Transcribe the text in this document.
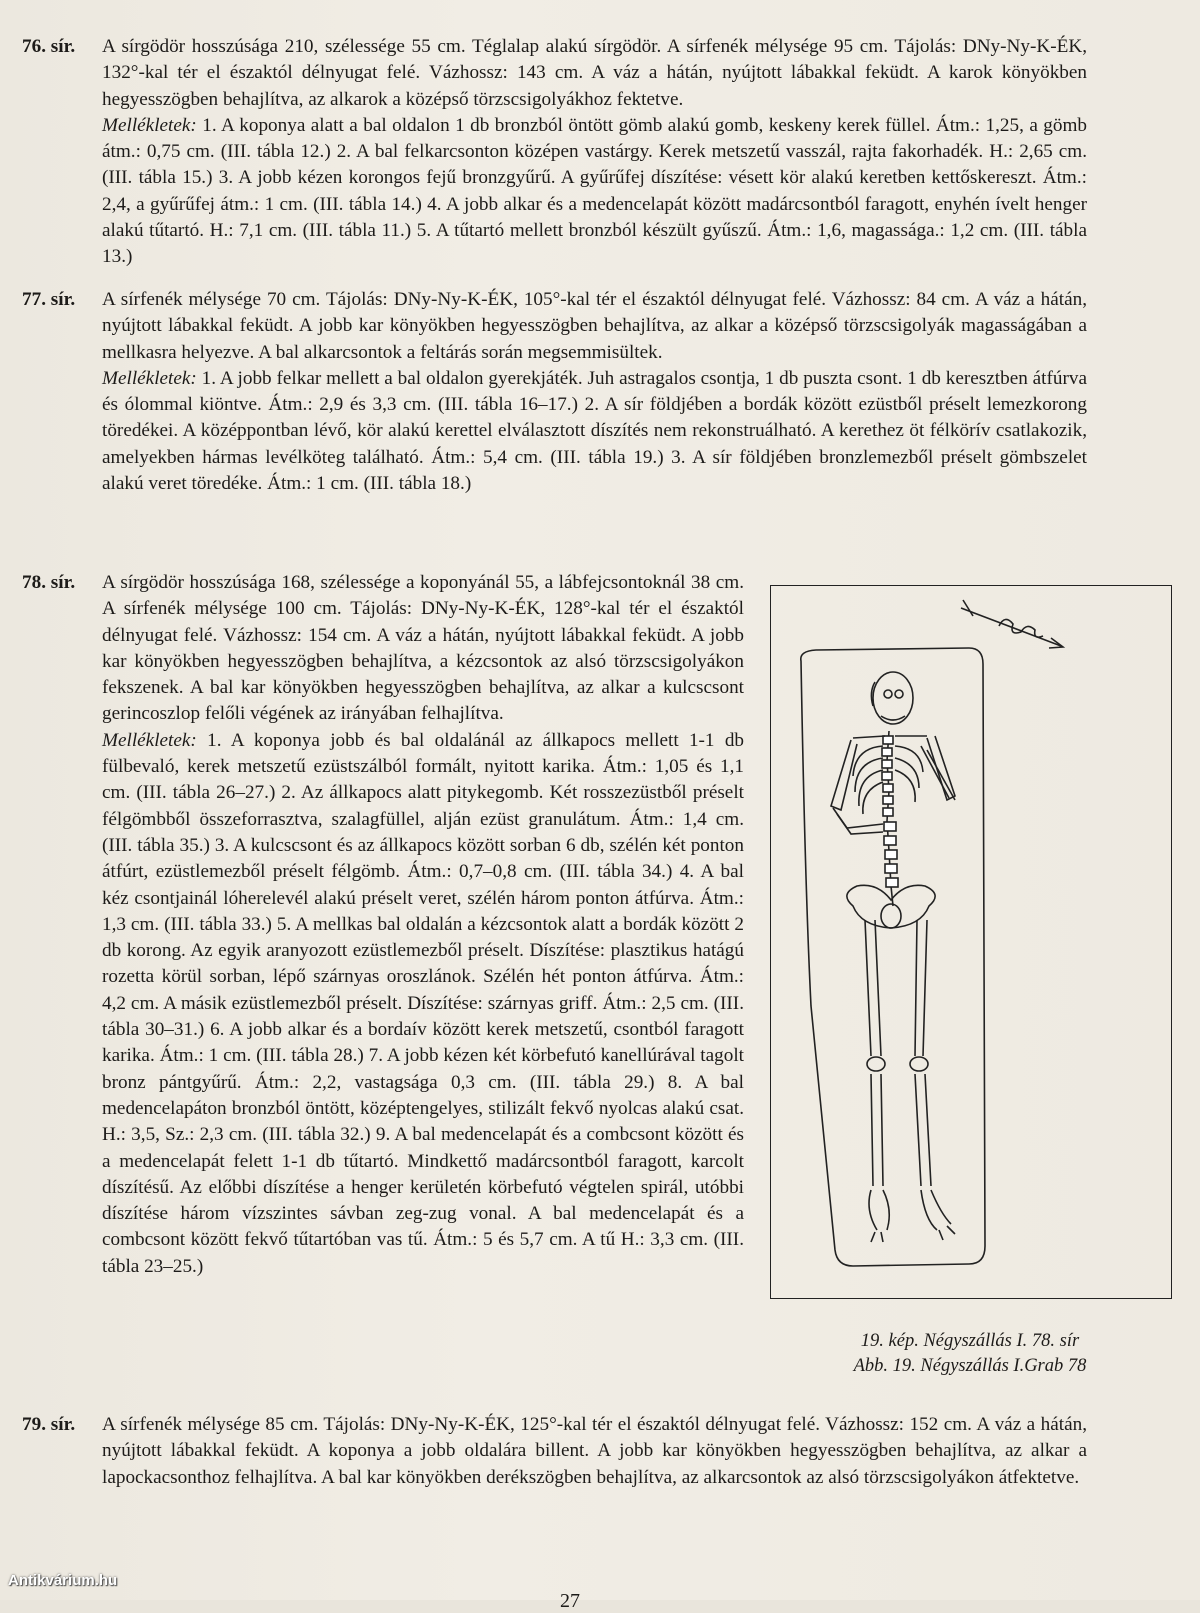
76. sír.	A sírgödör hosszúsága 210, szélessége 55 cm. Téglalap alakú sírgödör. A sírfenék mélysége 95 cm. Tájolás: DNy-Ny-K-ÉK, 132°-kal tér el északtól délnyugat felé. Vázhossz: 143 cm. A váz a hátán, nyújtott lábakkal feküdt. A karok könyökben hegyesszögben behajlítva, az alkarok a középső törzscsigolyákhoz fektetve.

Mellékletek: 1. A koponya alatt a bal oldalon 1 db bronzból öntött gömb alakú gomb, keskeny kerek füllel. Átm.: 1,25, a gömb átm.: 0,75 cm. (III. tábla 12.) 2. A bal felkarcsonton középen vastárgy. Kerek metszetű vasszál, rajta fakorhadék. H.: 2,65 cm. (III. tábla 15.) 3. A jobb kézen korongos fejű bronzgyűrű. A gyűrűfej díszítése: vésett kör alakú keretben kettőskereszt. Átm.: 2,4, a gyűrűfej átm.: 1 cm. (III. tábla 14.) 4. A jobb alkar és a medencelapát között madárcsontból faragott, enyhén ívelt henger alakú tűtartó. H.: 7,1 cm. (III. tábla 11.) 5. A tűtartó mellett bronzból készült gyűszű. Átm.: 1,6, magassága.: 1,2 cm. (III. tábla 13.)

77. sír.	A sírfenék mélysége 70 cm. Tájolás: DNy-Ny-K-ÉK, 105°-kal tér el északtól délnyugat felé. Vázhossz: 84 cm. A váz a hátán, nyújtott lábakkal feküdt. A jobb kar könyökben hegyesszögben behajlítva, az alkar a középső törzscsigolyák magasságában a mellkasra helyezve. A bal alkarcsontok a feltárás során megsemmisültek.

Mellékletek: 1. A jobb felkar mellett a bal oldalon gyerekjáték. Juh astragalos csontja, 1 db puszta csont. 1 db keresztben átfúrva és ólommal kiöntve. Átm.: 2,9 és 3,3 cm. (III. tábla 16–17.) 2. A sír földjében a bordák között ezüstből préselt lemezkorong töredékei. A középpontban lévő, kör alakú kerettel elválasztott díszítés nem rekonstruálható. A kerethez öt félkörív csatlakozik, amelyekben hármas levélköteg található. Átm.: 5,4 cm. (III. tábla 19.) 3. A sír földjében bronzlemezből préselt gömbszelet alakú veret töredéke. Átm.: 1 cm. (III. tábla 18.)

78. sír.	A sírgödör hosszúsága 168, szélessége a koponyánál 55, a lábfejcsontoknál 38 cm. A sírfenék mélysége 100 cm. Tájolás: DNy-Ny-K-ÉK, 128°-kal tér el északtól délnyugat felé. Vázhossz: 154 cm. A váz a hátán, nyújtott lábakkal feküdt. A jobb kar könyökben hegyesszögben behajlítva, a kézcsontok az alsó törzscsigolyákon fekszenek. A bal kar könyökben hegyesszögben behajlítva, az alkar a kulcscsont gerincoszlop felőli végének az irányában felhajlítva.

Mellékletek: 1. A koponya jobb és bal oldalánál az állkapocs mellett 1-1 db fülbevaló, kerek metszetű ezüstszálból formált, nyitott karika. Átm.: 1,05 és 1,1 cm. (III. tábla 26–27.) 2. Az állkapocs alatt pitykegomb. Két rosszezüstből préselt félgömbből összeforrasztva, szalagfüllel, alján ezüst granulátum. Átm.: 1,4 cm. (III. tábla 35.) 3. A kulcscsont és az állkapocs között sorban 6 db, szélén két ponton átfúrt, ezüstlemezből préselt félgömb. Átm.: 0,7–0,8 cm. (III. tábla 34.) 4. A bal kéz csontjainál lóherelevél alakú préselt veret, szélén három ponton átfúrva. Átm.: 1,3 cm. (III. tábla 33.) 5. A mellkas bal oldalán a kézcsontok alatt a bordák között 2 db korong. Az egyik aranyozott ezüstlemezből préselt. Díszítése: plasztikus hatágú rozetta körül sorban, lépő szárnyas oroszlánok. Szélén hét ponton átfúrva. Átm.: 4,2 cm. A másik ezüstlemezből préselt. Díszítése: szárnyas griff. Átm.: 2,5 cm. (III. tábla 30–31.) 6. A jobb alkar és a bordaív között kerek metszetű, csontból faragott karika. Átm.: 1 cm. (III. tábla 28.) 7. A jobb kézen két körbefutó kanellúrával tagolt bronz pántgyűrű. Átm.: 2,2, vastagsága 0,3 cm. (III. tábla 29.) 8. A bal medencelapáton bronzból öntött, középtengelyes, stilizált fekvő nyolcas alakú csat. H.: 3,5, Sz.: 2,3 cm. (III. tábla 32.) 9. A bal medencelapát és a combcsont között és a medencelapát felett 1-1 db tűtartó. Mindkettő madárcsontból faragott, karcolt díszítésű. Az előbbi díszítése a henger kerületén körbefutó végtelen spirál, utóbbi díszítése három vízszintes sávban zeg-zug vonal. A bal medencelapát és a combcsont között fekvő tűtartóban vas tű. Átm.: 5 és 5,7 cm. A tű H.: 3,3 cm. (III. tábla 23–25.)

19. kép. Négyszállás I. 78. sír
Abb. 19. Négyszállás I.Grab 78
79. sír.	A sírfenék mélysége 85 cm. Tájolás: DNy-Ny-K-ÉK, 125°-kal tér el északtól délnyugat felé. Vázhossz: 152 cm. A váz a hátán, nyújtott lábakkal feküdt. A koponya a jobb oldalára billent. A jobb kar könyökben hegyesszögben behajlítva, az alkar a lapockacsonthoz felhajlítva. A bal kar könyökben derékszögben behajlítva, az alkarcsontok az alsó törzscsigolyákon átfektetve.

Antikvárium.hu
27
